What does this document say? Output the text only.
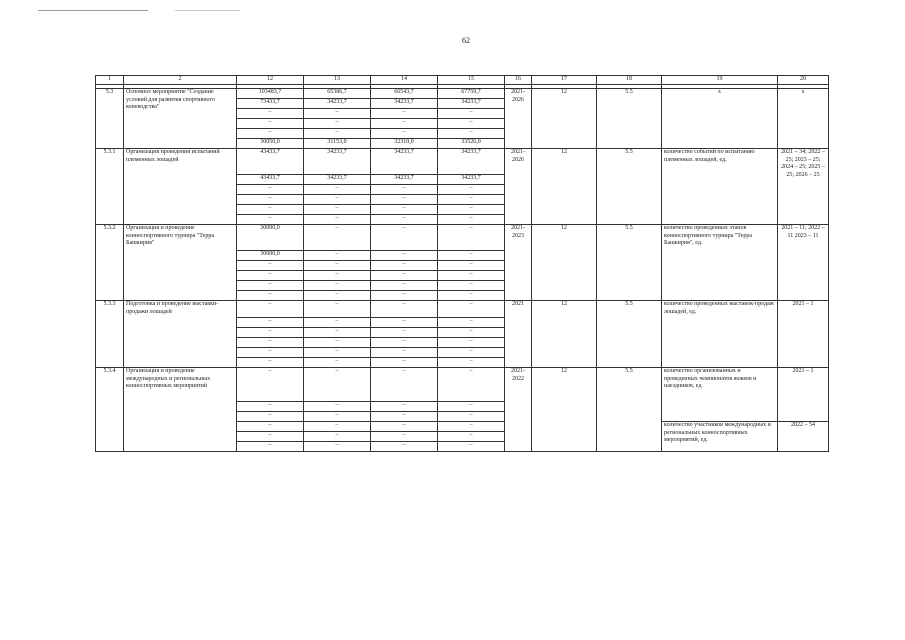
62
1	2	12	13	14	15	16	17	18	19	20

5.3	Основное мероприятие "Создание условий для развития спортивного коневодства"	103483,7	65386,7	66543,7	67759,7	2021-2026	12	5.5	х	х
		73433,7	34233,7	34233,7	34233,7					
		–	–	–	–					
		–	–	–	–					
		–	–	–	–					
		30050,0	31153,0	32310,0	33526,0					
5.3.1	Организация проведения испытаний племенных лошадей	43433,7	34233,7	34233,7	34233,7	2021-2026	12	5.5	количество событий по испытанию племенных лошадей, ед.	2021 – 34; 2022 – 25; 2023 – 25; 2024 – 25; 2025 – 25; 2026 – 25
		43433,7	34233,7	34233,7	34233,7					
		–	–	–	–					
		–	–	–	–					
		–	–	–	–					
		–	–	–	–					
5.3.2	Организация и проведение конноспортивного турнира "Терра Башкирия"	30000,0	–	–	–	2021-2023	12	5.5	количество проведенных этапов конноспортивного турнира "Терра Башкирия", ед.	2021 – 11; 2022 – 11 2023 – 11
		30000,0	–	–	–					
		–	–	–	–					
		–	–	–	–					
		–	–	–	–					
		–	–	–	–					
5.3.3	Подготовка и проведение выставки-продажи лошадей	–	–	–	–	2021	12	5.5	количество проведенных выставок-продаж лошадей, ед.	2021 – 1
		–	–	–	–					
		–	–	–	–					
		–	–	–	–					
		–	–	–	–					
		–	–	–	–					
5.3.4	Организация и проведение международных и региональных конноспортивных мероприятий	–	–	–	–	2021-2022	12	5.5	количество организованных и проведенных чемпионатов жокеев и наездников, ед.	2021 – 1
		–	–	–	–					
		–	–	–	–					
		–	–	–	–				количество участников международных и региональных конноспортивных мероприятий, ед.	2022 – 54
		–	–	–	–					
		–	–	–	–					
